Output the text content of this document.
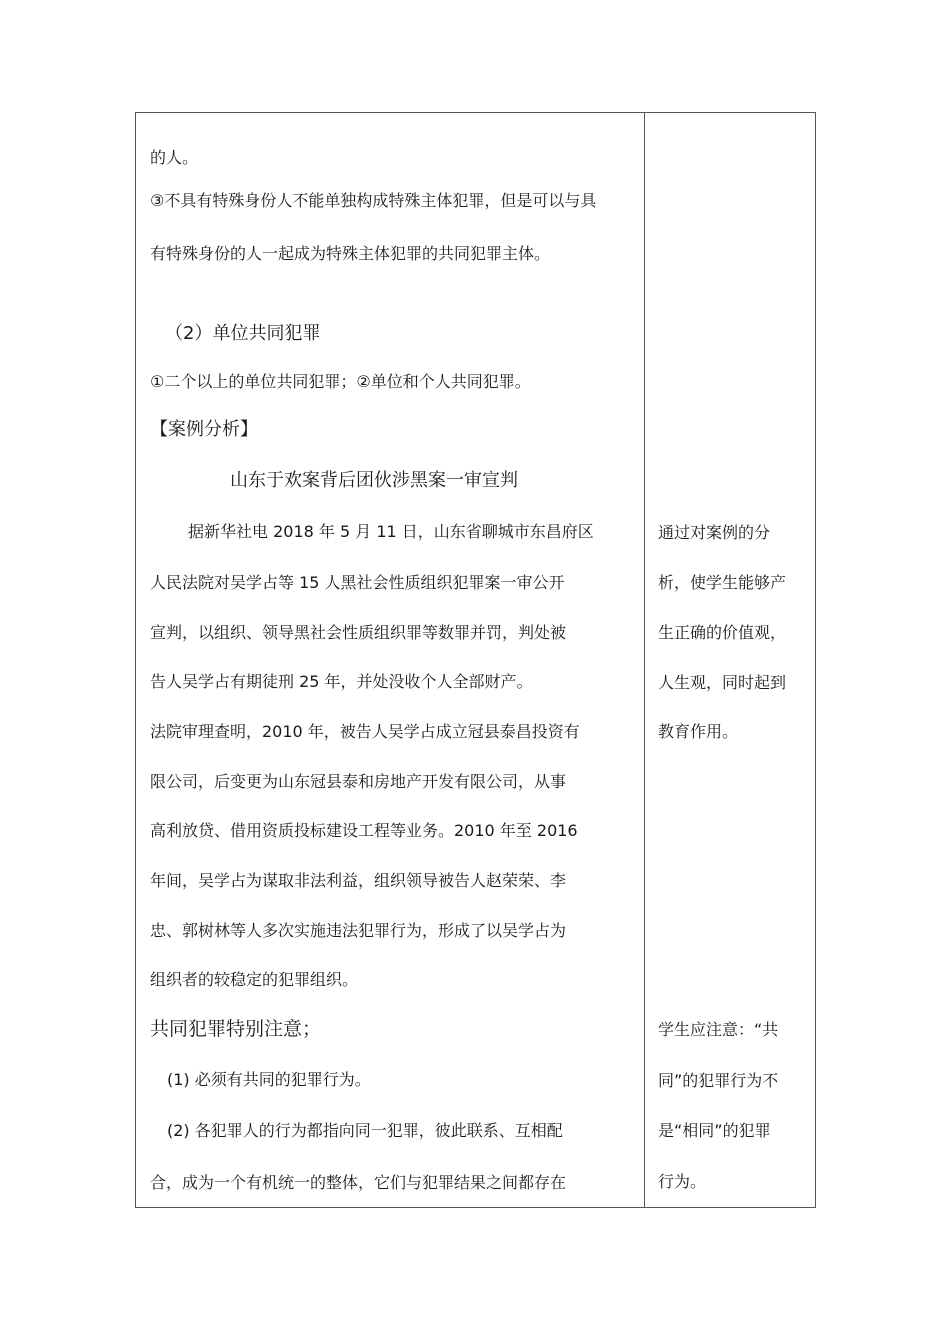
的人。
③不具有特殊身份人不能单独构成特殊主体犯罪，但是可以与具
有特殊身份的人一起成为特殊主体犯罪的共同犯罪主体。
（2）单位共同犯罪
①二个以上的单位共同犯罪；②单位和个人共同犯罪。
【案例分析】
山东于欢案背后团伙涉黑案一审宣判
据新华社电 2018 年 5 月 11 日，山东省聊城市东昌府区
人民法院对吴学占等 15 人黑社会性质组织犯罪案一审公开
宣判，以组织、领导黑社会性质组织罪等数罪并罚，判处被
告人吴学占有期徒刑 25 年，并处没收个人全部财产。
法院审理查明，2010 年，被告人吴学占成立冠县泰昌投资有
限公司，后变更为山东冠县泰和房地产开发有限公司，从事
高利放贷、借用资质投标建设工程等业务。2010 年至 2016
年间，吴学占为谋取非法利益，组织领导被告人赵荣荣、李
忠、郭树林等人多次实施违法犯罪行为，形成了以吴学占为
组织者的较稳定的犯罪组织。
共同犯罪特别注意；
(1) 必须有共同的犯罪行为。
(2) 各犯罪人的行为都指向同一犯罪，彼此联系、互相配
合，成为一个有机统一的整体，它们与犯罪结果之间都存在
通过对案例的分
析，使学生能够产
生正确的价值观，
人生观，同时起到
教育作用。
学生应注意：“共
同”的犯罪行为不
是“相同”的犯罪
行为。
